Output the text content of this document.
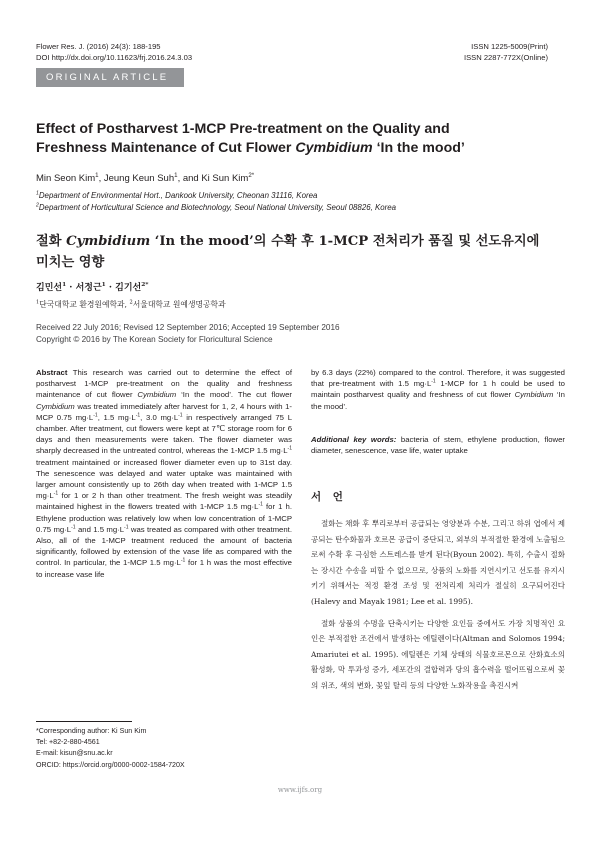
Flower Res. J. (2016) 24(3): 188-195
DOI http://dx.doi.org/10.11623/frj.2016.24.3.03
ISSN 1225-5009(Print)
ISSN 2287-772X(Online)
ORIGINAL ARTICLE
Effect of Postharvest 1-MCP Pre-treatment on the Quality and
Freshness Maintenance of Cut Flower Cymbidium ‘In the mood’
Min Seon Kim$^1$, Jeung Keun Suh$^1$, and Ki Sun Kim$^{2*}$
$^1$Department of Environmental Hort., Dankook University, Cheonan 31116, Korea
$^2$Department of Horticultural Science and Biotechnology, Seoul National University, Seoul 08826, Korea
절화 Cymbidium ‘In the mood’의 수확 후 1-MCP 전처리가 품질 및 선도유지에
미치는 영향
김민선$^1$ · 서정근$^1$ · 김기선$^{2*}$
$^1$단국대학교 환경원예학과, $^2$서울대학교 원예생명공학과
Received 22 July 2016; Revised 12 September 2016; Accepted 19 September 2016
Copyright © 2016 by The Korean Society for Floricultural Science
Abstract This research was carried out to determine the effect of postharvest 1-MCP pre-treatment on the quality and freshness maintenance of cut flower Cymbidium ‘In the mood’. The cut flower Cymbidium was treated immediately after harvest for 1, 2, 4 hours with 1-MCP 0.75 $mg\cdot L^{-1}$, 1.5 $mg\cdot L^{-1}$, 3.0 $mg\cdot L^{-1}$ in respectively arranged 75 L chamber. After treatment, cut flowers were kept at 7℃ storage room for 6 days and then measurements were taken. The flower diameter was sharply decreased in the untreated control, whereas the 1-MCP 1.5 $mg\cdot L^{-1}$ treatment maintained or increased flower diameter even up to 31st day. The senescence was delayed and water uptake was maintained with larger amount consistently up to 26th day when treated with 1-MCP 1.5 $mg\cdot L^{-1}$ for 1 or 2 h than other treatment. The fresh weight was steadily maintained highest in the flowers treated with 1-MCP 1.5 $mg\cdot L^{-1}$ for 1 h. Ethylene production was relatively low when low concentration of 1-MCP 0.75 $mg\cdot L^{-1}$ and 1.5 $mg\cdot L^{-1}$ was treated as compared with other treatment. Also, all of the 1-MCP treatment reduced the amount of bacteria significantly, followed by extension of the vase life as compared with the control. In particular, the 1-MCP 1.5 $mg\cdot L^{-1}$ for 1 h was the most effective to increase vase life
by 6.3 days (22%) compared to the control. Therefore, it was suggested that pre-treatment with 1.5 $mg\cdot L^{-1}$ 1-MCP for 1 h could be used to maintain postharvest quality and freshness of cut flower Cymbidium ‘In the mood’.
Additional key words: bacteria of stem, ethylene production, flower diameter, senescence, vase life, water uptake
서 언

절화는 채화 후 뿌리로부터 공급되는 영양분과 수분, 그리고 하위 엽에서 제공되는 탄수화물과 호르몬 공급이 중단되고, 외부의 부적절한 환경에 노출됨으로써 수확 후 극심한 스트레스를 받게 된다(Byoun 2002). 특히, 수출시 절화는 장시간 수송을 피할 수 없으므로, 상품의 노화를 지연시키고 선도를 유지시키기 위해서는 적정 환경 조성 및 전처리제 처리가 절실히 요구되어진다(Halevy and Mayak 1981; Lee et al. 1995).

절화 상품의 수명을 단축시키는 다양한 요인들 중에서도 가장 치명적인 요인은 부적절한 조건에서 발생하는 에틸렌이다(Altman and Solomos 1994; Amariutei et al. 1995). 에틸렌은 기체 상태의 식물호르몬으로 산화효소의 활성화, 막 투과성 증가, 세포간의 결합력과 당의 흡수력을 떨어뜨림으로써 꽃의 위조, 색의 변화, 꽃잎 탈리 등의 다양한 노화작용을 촉진시켜

*Corresponding author: Ki Sun Kim
Tel: +82-2-880-4561
E-mail: kisun@snu.ac.kr
ORCID: https://orcid.org/0000-0002-1584-720X
www.ijfs.org
